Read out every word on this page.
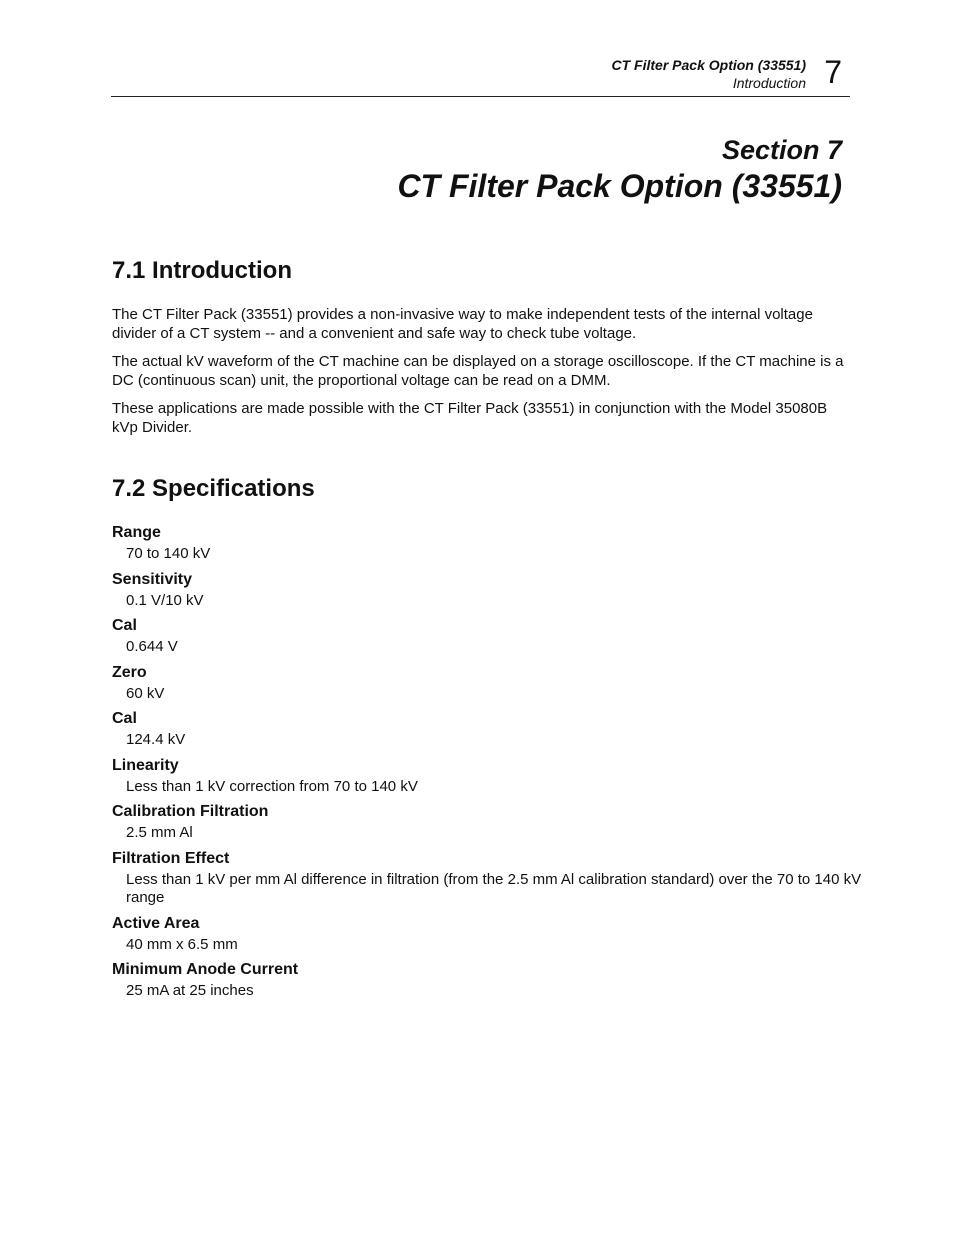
CT Filter Pack Option (33551)
Introduction 7
Section 7
CT Filter Pack Option (33551)
7.1 Introduction

The CT Filter Pack (33551) provides a non-invasive way to make independent tests of the internal voltage divider of a CT system -- and a convenient and safe way to check tube voltage.

The actual kV waveform of the CT machine can be displayed on a storage oscilloscope. If the CT machine is a DC (continuous scan) unit, the proportional voltage can be read on a DMM.

These applications are made possible with the CT Filter Pack (33551) in conjunction with the Model 35080B kVp Divider.

7.2 Specifications
Range
70 to 140 kV
Sensitivity
0.1 V/10 kV
Cal
0.644 V
Zero
60 kV
Cal
124.4 kV
Linearity
Less than 1 kV correction from 70 to 140 kV
Calibration Filtration
2.5 mm Al
Filtration Effect
Less than 1 kV per mm Al difference in filtration (from the 2.5 mm Al calibration standard) over the 70 to 140 kV range
Active Area
40 mm x 6.5 mm
Minimum Anode Current
25 mA at 25 inches
